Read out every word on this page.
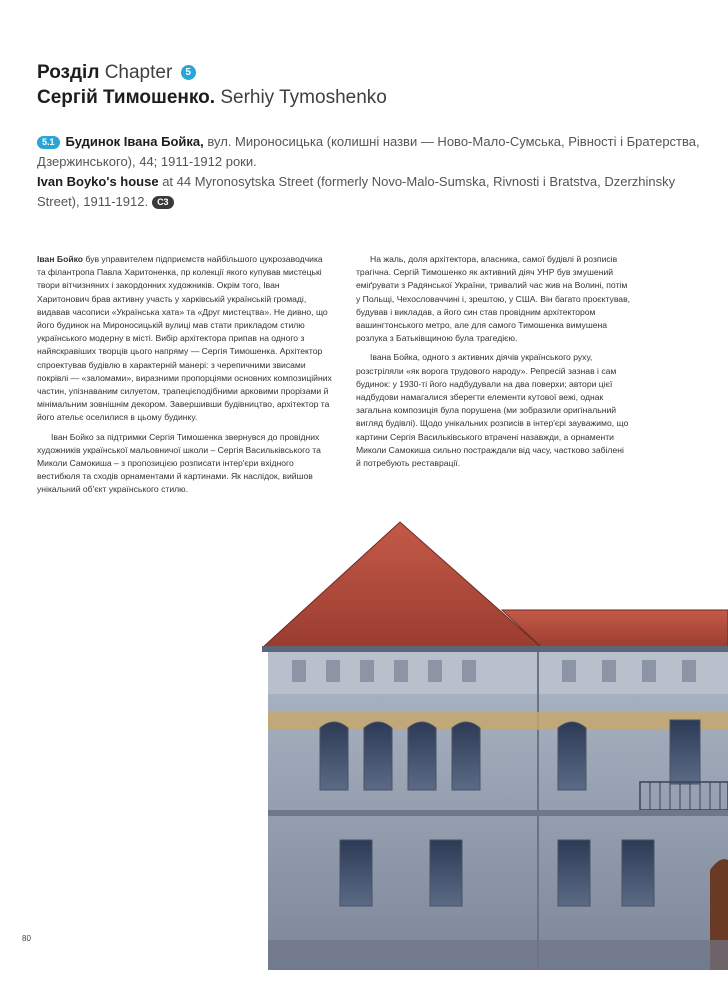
Розділ Chapter 5
Сергій Тимошенко. Serhiy Tymoshenko
5.1 Будинок Івана Бойка, вул. Мироносицька (колишні назви — Ново-Мало-Сумська, Рівності і Братерства, Дзержинського), 44; 1911-1912 роки.
Ivan Boyko's house at 44 Myronosytska Street (formerly Novo-Malo-Sumska, Rivnosti i Bratstva, Dzerzhinsky Street), 1911-1912. C3

Іван Бойко був управителем підприємств найбільшого цукрозаводчика та філантропа Павла Харитоненка, пр колекції якого купував мистецькі твори вітчизняних і закордонних художників. Окрім того, Іван Харитонович брав активну участь у харківській українській громаді, видавав часописи «Українська хата» та «Друг мистецтва». Не дивно, що його будинок на Мироносицькій вулиці мав стати прикладом стилю українського модерну в місті. Вибір архітектора припав на одного з найяскравіших творців цього напряму — Сергія Тимошенка. Архітектор спроектував будівлю в характерній манері: з черепичними звисами покрівлі — «заломами», виразними пропорціями основних композиційних частин, упізнаваним силуетом, трапецієподібними арковими прорізами й мінімальним зовнішнім декором. Завершивши будівництво, архітектор та його ательє оселилися в цьому будинку.

Іван Бойко за підтримки Сергія Тимошенка звернувся до провідних художників української мальовничої школи – Сергія Васильківського та Миколи Самокиша – з пропозицією розписати інтер'єри вхідного вестибюля та сходів орнаментами й картинами. Як наслідок, вийшов унікальний об'єкт українського стилю.

На жаль, доля архітектора, власника, самої будівлі й розписів трагічна. Сергій Тимошенко як активний діяч УНР був змушений еміґрувати з Радянської України, тривалий час жив на Волині, потім у Польщі, Чехословаччині і, зрештою, у США. Він багато проєктував, будував і викладав, а його син став провідним архітектором вашингтонського метро, але для самого Тимошенка вимушена розлука з Батьківщиною була трагедією.

Івана Бойка, одного з активних діячів українського руху, розстріляли «як ворога трудового народу». Репресій зазнав і сам будинок: у 1930-ті його надбудували на два поверхи; автори цієї надбудови намагалися зберегти елементи кутової вежі, однак загальна композиція була порушена (ми зобразили оригінальний вигляд будівлі). Щодо унікальних розписів в інтер'єрі зауважимо, що картини Сергія Васильківського втрачені назавжди, а орнаменти Миколи Самокиша сильно постраждали від часу, частково забілені й потребують реставрації.

80
